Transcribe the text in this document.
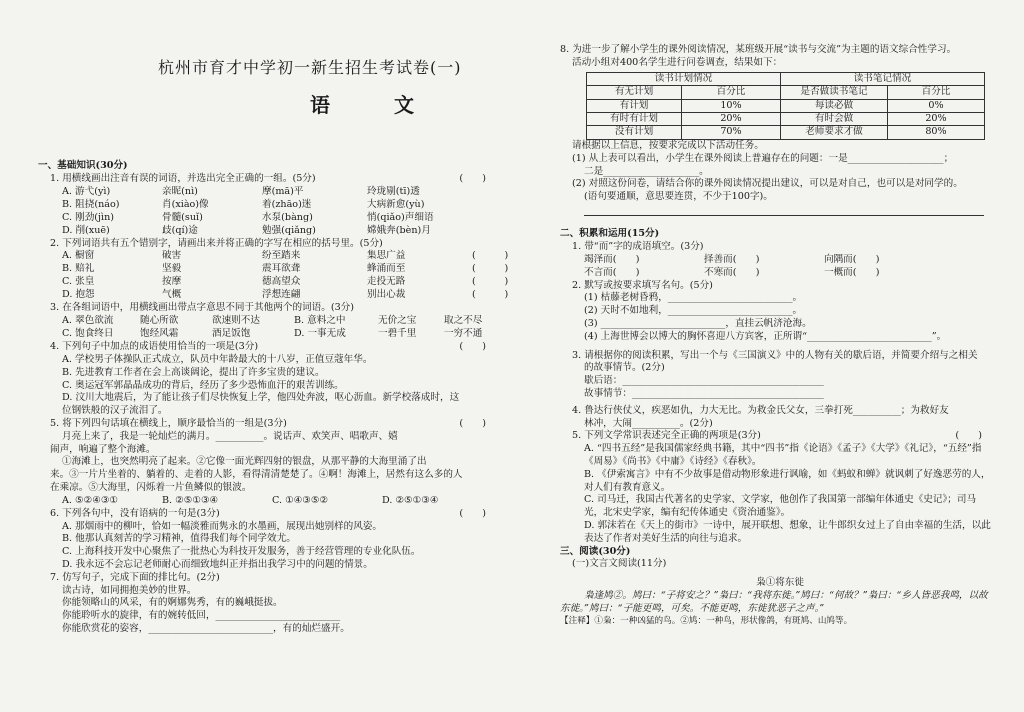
杭州市育才中学初一新生招生考试卷(一)
语　文
一、基础知识(30分)
1. 用横线画出注音有误的词语，并选出完全正确的一组。(5分)	(　　)
A. 游弋(yì)	亲昵(nì)	摩(mā)平	玲珑剔(tī)透
B. 阻挠(náo)	肖(xiào)像	着(zhāo)迷	大病新愈(yù)
C. 刚劲(jìn)	骨髓(suǐ)	水泵(bàng)	悄(qiǎo)声细语
D. 削(xuē)	歧(qí)途	勉强(qiǎng)	嫦娥奔(bèn)月
2. 下列词语共有五个错别字，请画出来并将正确的字写在相应的括号里。(5分)
A. 橱窗	破害	纷至踏来	集思广益	(　　　)
B. 赔礼	坚毅	震耳欲聋	蜂涌而至	(　　　)
C. 张皇	按摩	德高望众	走投无路	(　　　)
D. 抱怨	气概	浮想连翩	别出心裁	(　　　)
3. 在各组词语中，用横线画出带点字意思不同于其他两个的词语。(3分)
A. 翠色欲流	随心所欲	欲速则不达	B. 意料之中	无价之宝	取之不尽
C. 饱食终日	饱经风霜	酒足饭饱	D. 一事无成	一碧千里	一穷不通
4. 下列句子中加点的成语使用恰当的一项是(3分)	(　　)
A. 学校男子体操队正式成立，队员中年龄最大的十八岁，正值豆蔻年华。
B. 先进教育工作者在会上高谈阔论，提出了许多宝贵的建议。
C. 奥运冠军郭晶晶成功的背后，经历了多少恐怖血汗的艰苦训练。
D. 汶川大地震后，为了能让孩子们尽快恢复上学，他四处奔波，呕心沥血。新学校落成时，这
位钢铁般的汉子流泪了。
5. 将下列四句话填在横线上，顺序最恰当的一组是(3分)	(　　)
月亮上来了，我是一轮灿烂的满月。__________。说话声、欢笑声、唱歌声、嬉
闹声，响遍了整个海滩。
①海滩上，也突然明亮了起来。②它像一面光辉四射的银盘，从那平静的大海里涌了出
来。③一片片坐着的、躺着的、走着的人影，看得清清楚楚了。④啊！海滩上，居然有这么多的人
在乘凉。⑤大海里，闪烁着一片鱼鳞似的银波。
A. ⑤②④③①	B. ②⑤①③④	C. ①④③⑤②	D. ②⑤①③④
6. 下列各句中，没有语病的一句是(3分)	(　　)
A. 那烟雨中的柳叶，恰如一幅淡雅而隽永的水墨画，展现出她别样的风姿。
B. 他那认真刻苦的学习精神，值得我们每个同学效尤。
C. 上海科技开发中心聚焦了一批热心为科技开发服务，善于经营管理的专业化队伍。
D. 我永远不会忘记老师耐心而细致地纠正并指出我学习中的问题的情景。
7. 仿写句子，完成下面的排比句。(2分)
读古诗，如同拥抱美妙的世界。
你能领略山的风采，有的婀娜隽秀，有的巍峨挺拔。
你能聆听水的旋律，有的婉转低回，__________________________
你能欣赏花的姿容，__________________________，有的灿烂盛开。
8. 为进一步了解小学生的课外阅读情况，某班级开展“读书与交流”为主题的语文综合性学习。
活动小组对400名学生进行问卷调查，结果如下：
读书计划情况		读书笔记情况	
有无计划	百分比	是否做读书笔记	百分比
有计划	10%	每读必做	0%
有时有计划	20%	有时会做	20%
没有计划	70%	老师要求才做	80%
请根据以上信息，按要求完成以下活动任务。
(1) 从上表可以看出，小学生在课外阅读上普遍存在的问题：一是____________________；
二是____________________。
(2) 对照这份问卷，请结合你的课外阅读情况提出建议，可以是对自己，也可以是对同学的。
(语句要通顺，意思要连贯，不少于100字)。
二、积累和运用(15分)
1. 带“而”字的成语填空。(3分)
竭泽而(　　)	择善而(　　)	向隅而(　　)
不言而(　　)	不寒而(　　)	一概而(　　)
2. 默写或按要求填写名句。(5分)
(1) 枯藤老树昏鸦，__________________________。
(2) 天时不如地利，__________________________。
(3) __________________________，直挂云帆济沧海。
(4) 上海世博会以博大的胸怀喜迎八方宾客，正所谓“__________________________”。
3. 请根据你的阅读积累，写出一个与《三国演义》中的人物有关的歇后语，并简要介绍与之相关
的故事情节。(2分)
歇后语：__________________________________________
故事情节：________________________________________
4. 鲁达行侠仗义，疾恶如仇，力大无比。为救金氏父女，三拳打死__________；为救好友
林冲，大闹__________。(2分)
5. 下列文学常识表述完全正确的两项是(3分)	(　　)
A. “四书五经”是我国儒家经典书籍，其中“四书”指《论语》《孟子》《大学》《礼记》，“五经”指
《周易》《尚书》《中庸》《诗经》《春秋》。
B. 《伊索寓言》中有不少故事是借动物形象进行讽喻，如《蚂蚁和蝉》就讽刺了好逸恶劳的人，
对人们有教育意义。
C. 司马迁，我国古代著名的史学家、文学家，他创作了我国第一部编年体通史《史记》；司马
光，北宋史学家，编有纪传体通史《资治通鉴》。
D. 郭沫若在《天上的街市》一诗中，展开联想、想象，让牛郎织女过上了自由幸福的生活，以此
表达了作者对美好生活的向往与追求。
三、阅读(30分)
(一)文言文阅读(11分)
枭①将东徙
枭逢鸠②。鸠曰：“子将安之？”枭曰：“我将东徙。”鸠曰：“何故？”枭曰：“乡人皆恶我鸣，以故
东徙。”鸠曰：“子能更鸣，可矣。不能更鸣，东徙犹恶子之声。”
【注释】①枭：一种凶猛的鸟。②鸠：一种鸟，形状像鸽，有斑鸠、山鸠等。
